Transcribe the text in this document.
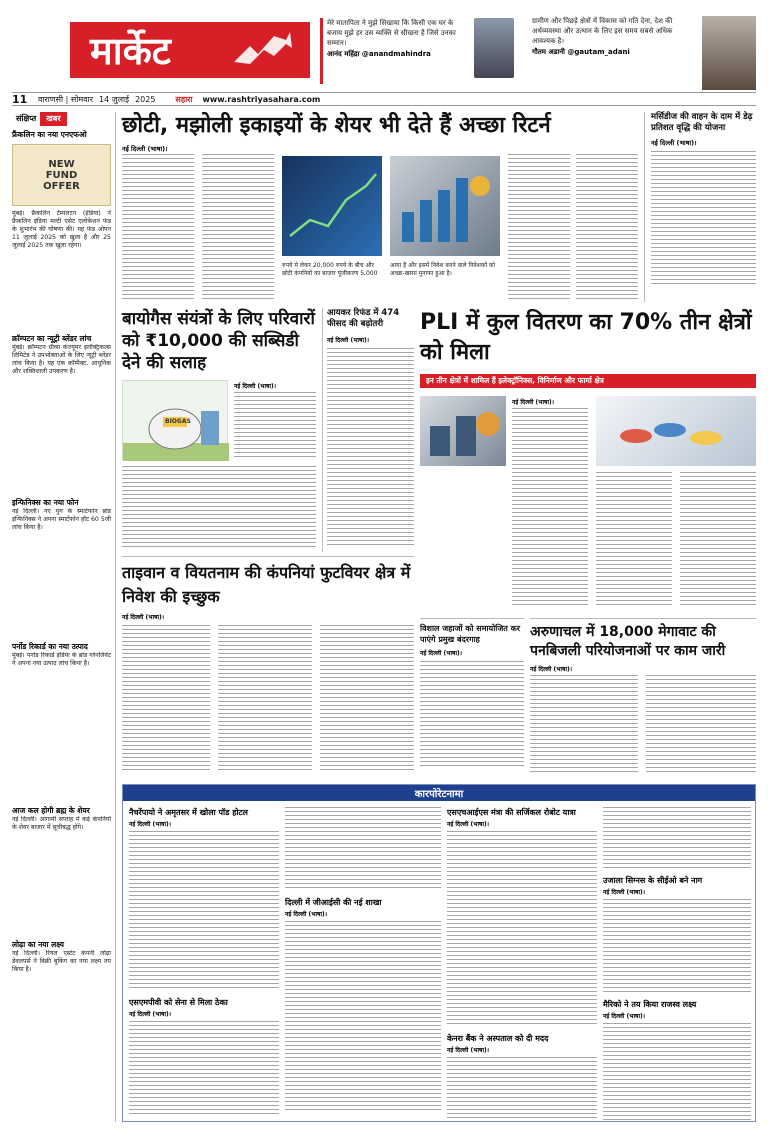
मार्केट
मेरे मातापिता ने मुझे सिखाया कि किसी एक घर के बजाय मुझे हर उस व्यक्ति से सीखना है जिसे उनका सम्मान।
आनंद महिंद्रा @anandmahindra
ग्रामीण और पिछड़े क्षेत्रों में विकास को गति देना, देश की अर्थव्यवस्था और उत्थान के लिए इस समय सबसे अधिक आवश्यक है।
गौतम अडानी @gautam_adani
11	वाराणसी | सोमवार 14 जुलाई 2025	सहारा www.rashtriyasahara.com
संक्षिप्त	खबर
फ्रैंकलिन का नया एनएफओ
NEW FUND OFFER
मुंबई। फ्रैंकलिन टेम्पलटन (इंडिया) ने फ्रैंकलिन इंडिया मल्टी एसेट एलोकेशन फंड के शुभारंभ की घोषणा की। यह फंड ओपन 11 जुलाई 2025 को खुला है और 25 जुलाई 2025 तक खुला रहेगा।
क्रॉम्पटन का न्यूट्री ब्लेंडर लांच
मुंबई। क्रॉम्पटन ग्रीव्स कंज्यूमर इलेक्ट्रिकल्स लिमिटेड ने उपभोक्ताओं के लिए न्यूट्री ब्लेंडर लांच किया है। यह एक कॉम्पैक्ट, आधुनिक और शक्तिशाली उपकरण है।
इन्फिनिक्स का नया फोन
नई दिल्ली। नए युग के स्मार्टफोन ब्रांड इन्फिनिक्स ने अपना स्मार्टफोन हॉट 60 5जी लांच किया है।
पर्नोड रिकार्ड का नया उत्पाद
मुंबई। पर्नोड रिकार्ड इंडिया के ब्रांड ग्लेनलिवेट ने अपना नया उत्पाद लांच किया है।
आज कल होगी ब्रह्म के शेयर
नई दिल्ली। आगामी सप्ताह में कई कंपनियों के शेयर बाजार में सूचीबद्ध होंगे।
लोढ़ा का नया लक्ष्य
नई दिल्ली। रियल एस्टेट कंपनी लोढ़ा डेवलपर्स ने बिक्री बुकिंग का नया लक्ष्य तय किया है।
छोटी, मझोली इकाइयों के शेयर भी देते हैं अच्छा रिटर्न
नई दिल्ली (भाषा)।
रुपये मे लेकर 20,000 रुपये के बीच और छोटी कंपनियों का बाजार पूंजीकरण 5,000
आया है और इसमें निवेश करने वाले निवेशकों को अच्छा-खासा मुनाफा हुआ है।
मर्सिडीज की वाहन के दाम में डेढ़ प्रतिशत वृद्धि की योजना
नई दिल्ली (भाषा)।
बायोगैस संयंत्रों के लिए परिवारों को ₹10,000 की सब्सिडी देने की सलाह
BIOGAS
नई दिल्ली (भाषा)।
आयकर रिफंड में 474 फीसद की बढ़ोतरी
नई दिल्ली (भाषा)।
PLI में कुल वितरण का 70% तीन क्षेत्रों को मिला
इन तीन क्षेत्रों में शामिल हैं इलेक्ट्रॉनिक्स, विनिर्माण और फार्मा क्षेत्र
नई दिल्ली (भाषा)।
ताइवान व वियतनाम की कंपनियां फुटवियर क्षेत्र में निवेश की इच्छुक
नई दिल्ली (भाषा)।
विशाल जहाजों को समायोजित कर पाएंगे प्रमुख बंदरगाह
नई दिल्ली (भाषा)।
अरुणाचल में 18,000 मेगावाट की पनबिजली परियोजनाओं पर काम जारी
नई दिल्ली (भाषा)।
कारपोरेटनामा
नैचरेंपायो ने अमृतसर में खोला पॉड होटल
नई दिल्ली (भाषा)।
एसएमपीवी को सेना से मिला ठेका
नई दिल्ली (भाषा)।
दिल्ली में जीआईसी की नई शाखा
नई दिल्ली (भाषा)।
एसएचआईएस मंत्रा की सर्जिकल रोबोट यात्रा
नई दिल्ली (भाषा)।
केनरा बैंक ने अस्पताल को दी मदद
नई दिल्ली (भाषा)।
उजाला सिग्नस के सीईओ बने नाग
नई दिल्ली (भाषा)।
मैरिको ने तय किया राजस्व लक्ष्य
नई दिल्ली (भाषा)।
